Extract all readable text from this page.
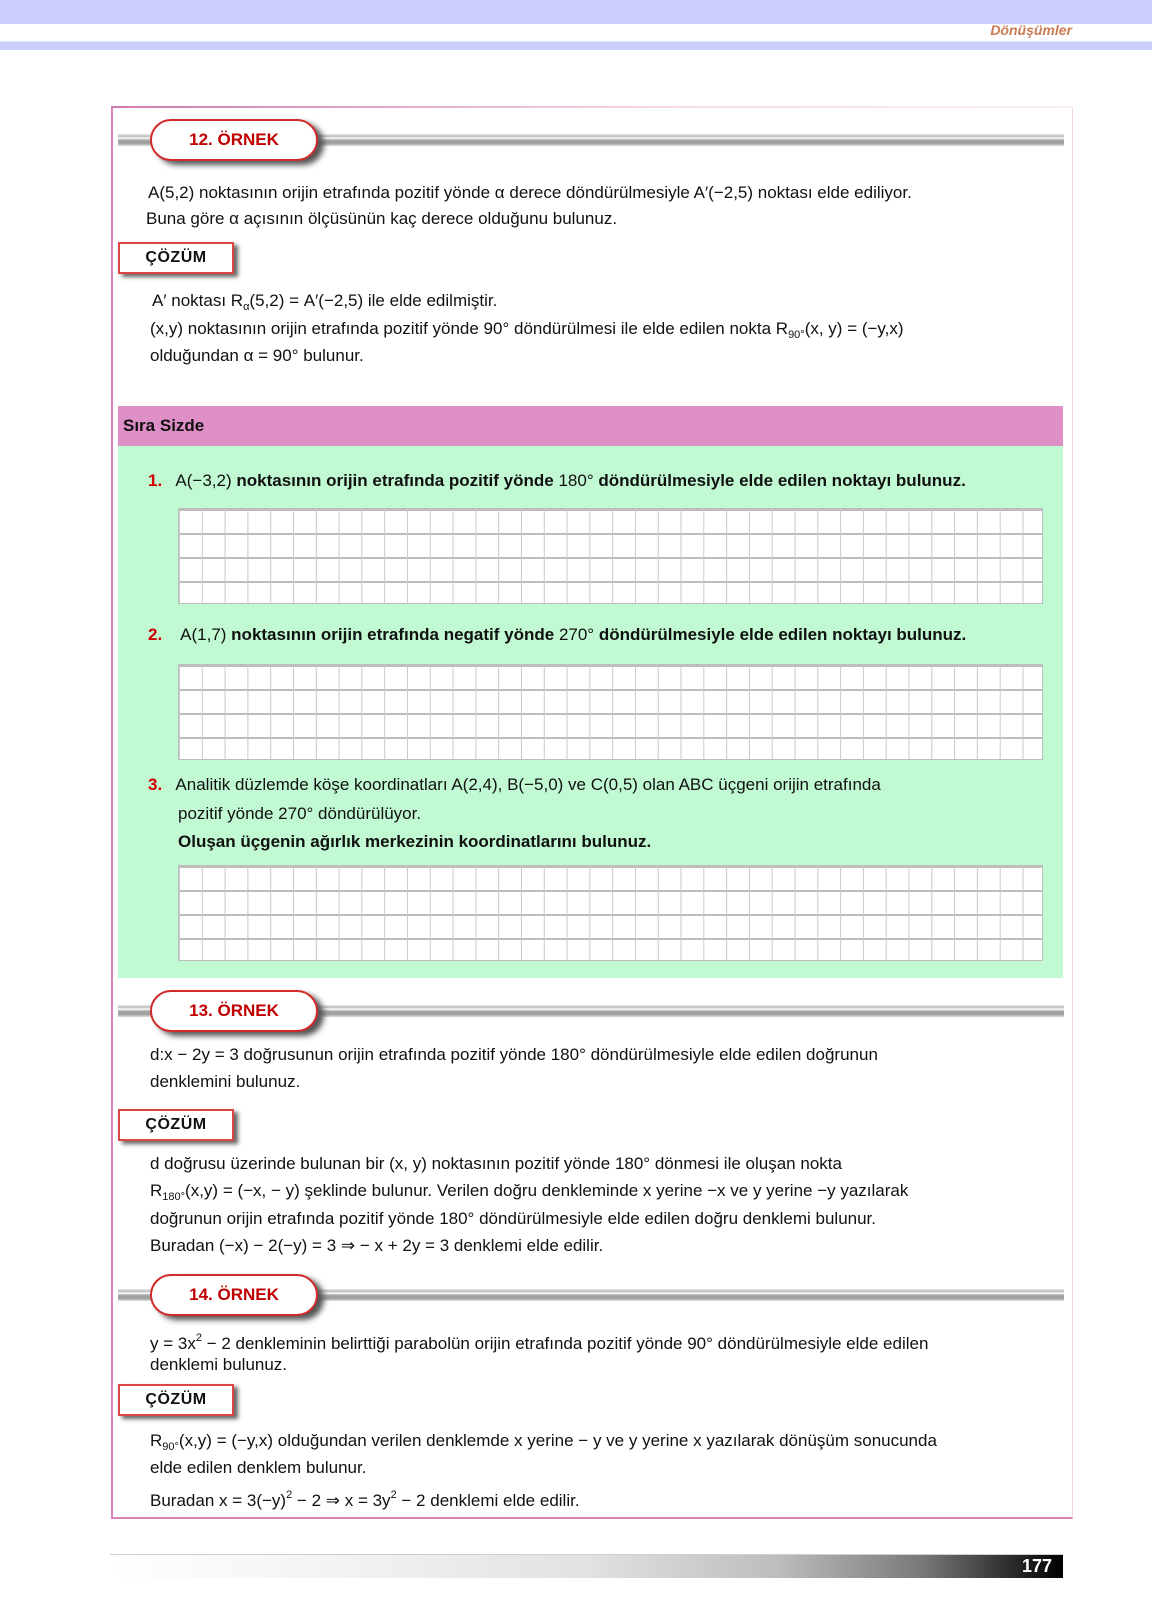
Dönüşümler
12. ÖRNEK
A(5,2) noktasının orijin etrafında pozitif yönde α derece döndürülmesiyle A′(−2,5) noktası elde ediliyor.
Buna göre α açısının ölçüsünün kaç derece olduğunu bulunuz.
ÇÖZÜM
A′ noktası $R_\alpha(5,2) = A'(-2,5)$ ile elde edilmiştir.
(x,y) noktasının orijin etrafında pozitif yönde 90° döndürülmesi ile elde edilen nokta $R_{90^\circ}(x$, y) = (−y,x)
olduğundan α = 90° bulunur.
Sıra Sizde
1. A(−3,2) noktasının orijin etrafında pozitif yönde 180° döndürülmesiyle elde edilen noktayı bulunuz.
2. A(1,7) noktasının orijin etrafında negatif yönde 270° döndürülmesiyle elde edilen noktayı bulunuz.
3. Analitik düzlemde köşe koordinatları A(2,4), B(−5,0) ve C(0,5) olan ABC üçgeni orijin etrafında
pozitif yönde 270° döndürülüyor.
Oluşan üçgenin ağırlık merkezinin koordinatlarını bulunuz.
13. ÖRNEK
d:x − 2y = 3 doğrusunun orijin etrafında pozitif yönde 180° döndürülmesiyle elde edilen doğrunun
denklemini bulunuz.
ÇÖZÜM
d doğrusu üzerinde bulunan bir (x, y) noktasının pozitif yönde 180° dönmesi ile oluşan nokta
$R_{180^\circ}(x,y) = (-x$, − y) şeklinde bulunur. Verilen doğru denkleminde x yerine −x ve y yerine −y yazılarak
doğrunun orijin etrafında pozitif yönde 180° döndürülmesiyle elde edilen doğru denklemi bulunur.
Buradan (−x) − 2(−y) = 3 ⇒ − x + 2y = 3 denklemi elde edilir.
14. ÖRNEK
$y = 3x^2 - 2$ denkleminin belirttiği parabolün orijin etrafında pozitif yönde 90° döndürülmesiyle elde edilen
denklemi bulunuz.
ÇÖZÜM
$R_{90^\circ}(x,y) = (-y,x)$ olduğundan verilen denklemde x yerine − y ve y yerine x yazılarak dönüşüm sonucunda
elde edilen denklem bulunur.
Buradan $x = 3(-y)^2 - 2$ ⇒ $x = 3y^2 - 2$ denklemi elde edilir.
177
